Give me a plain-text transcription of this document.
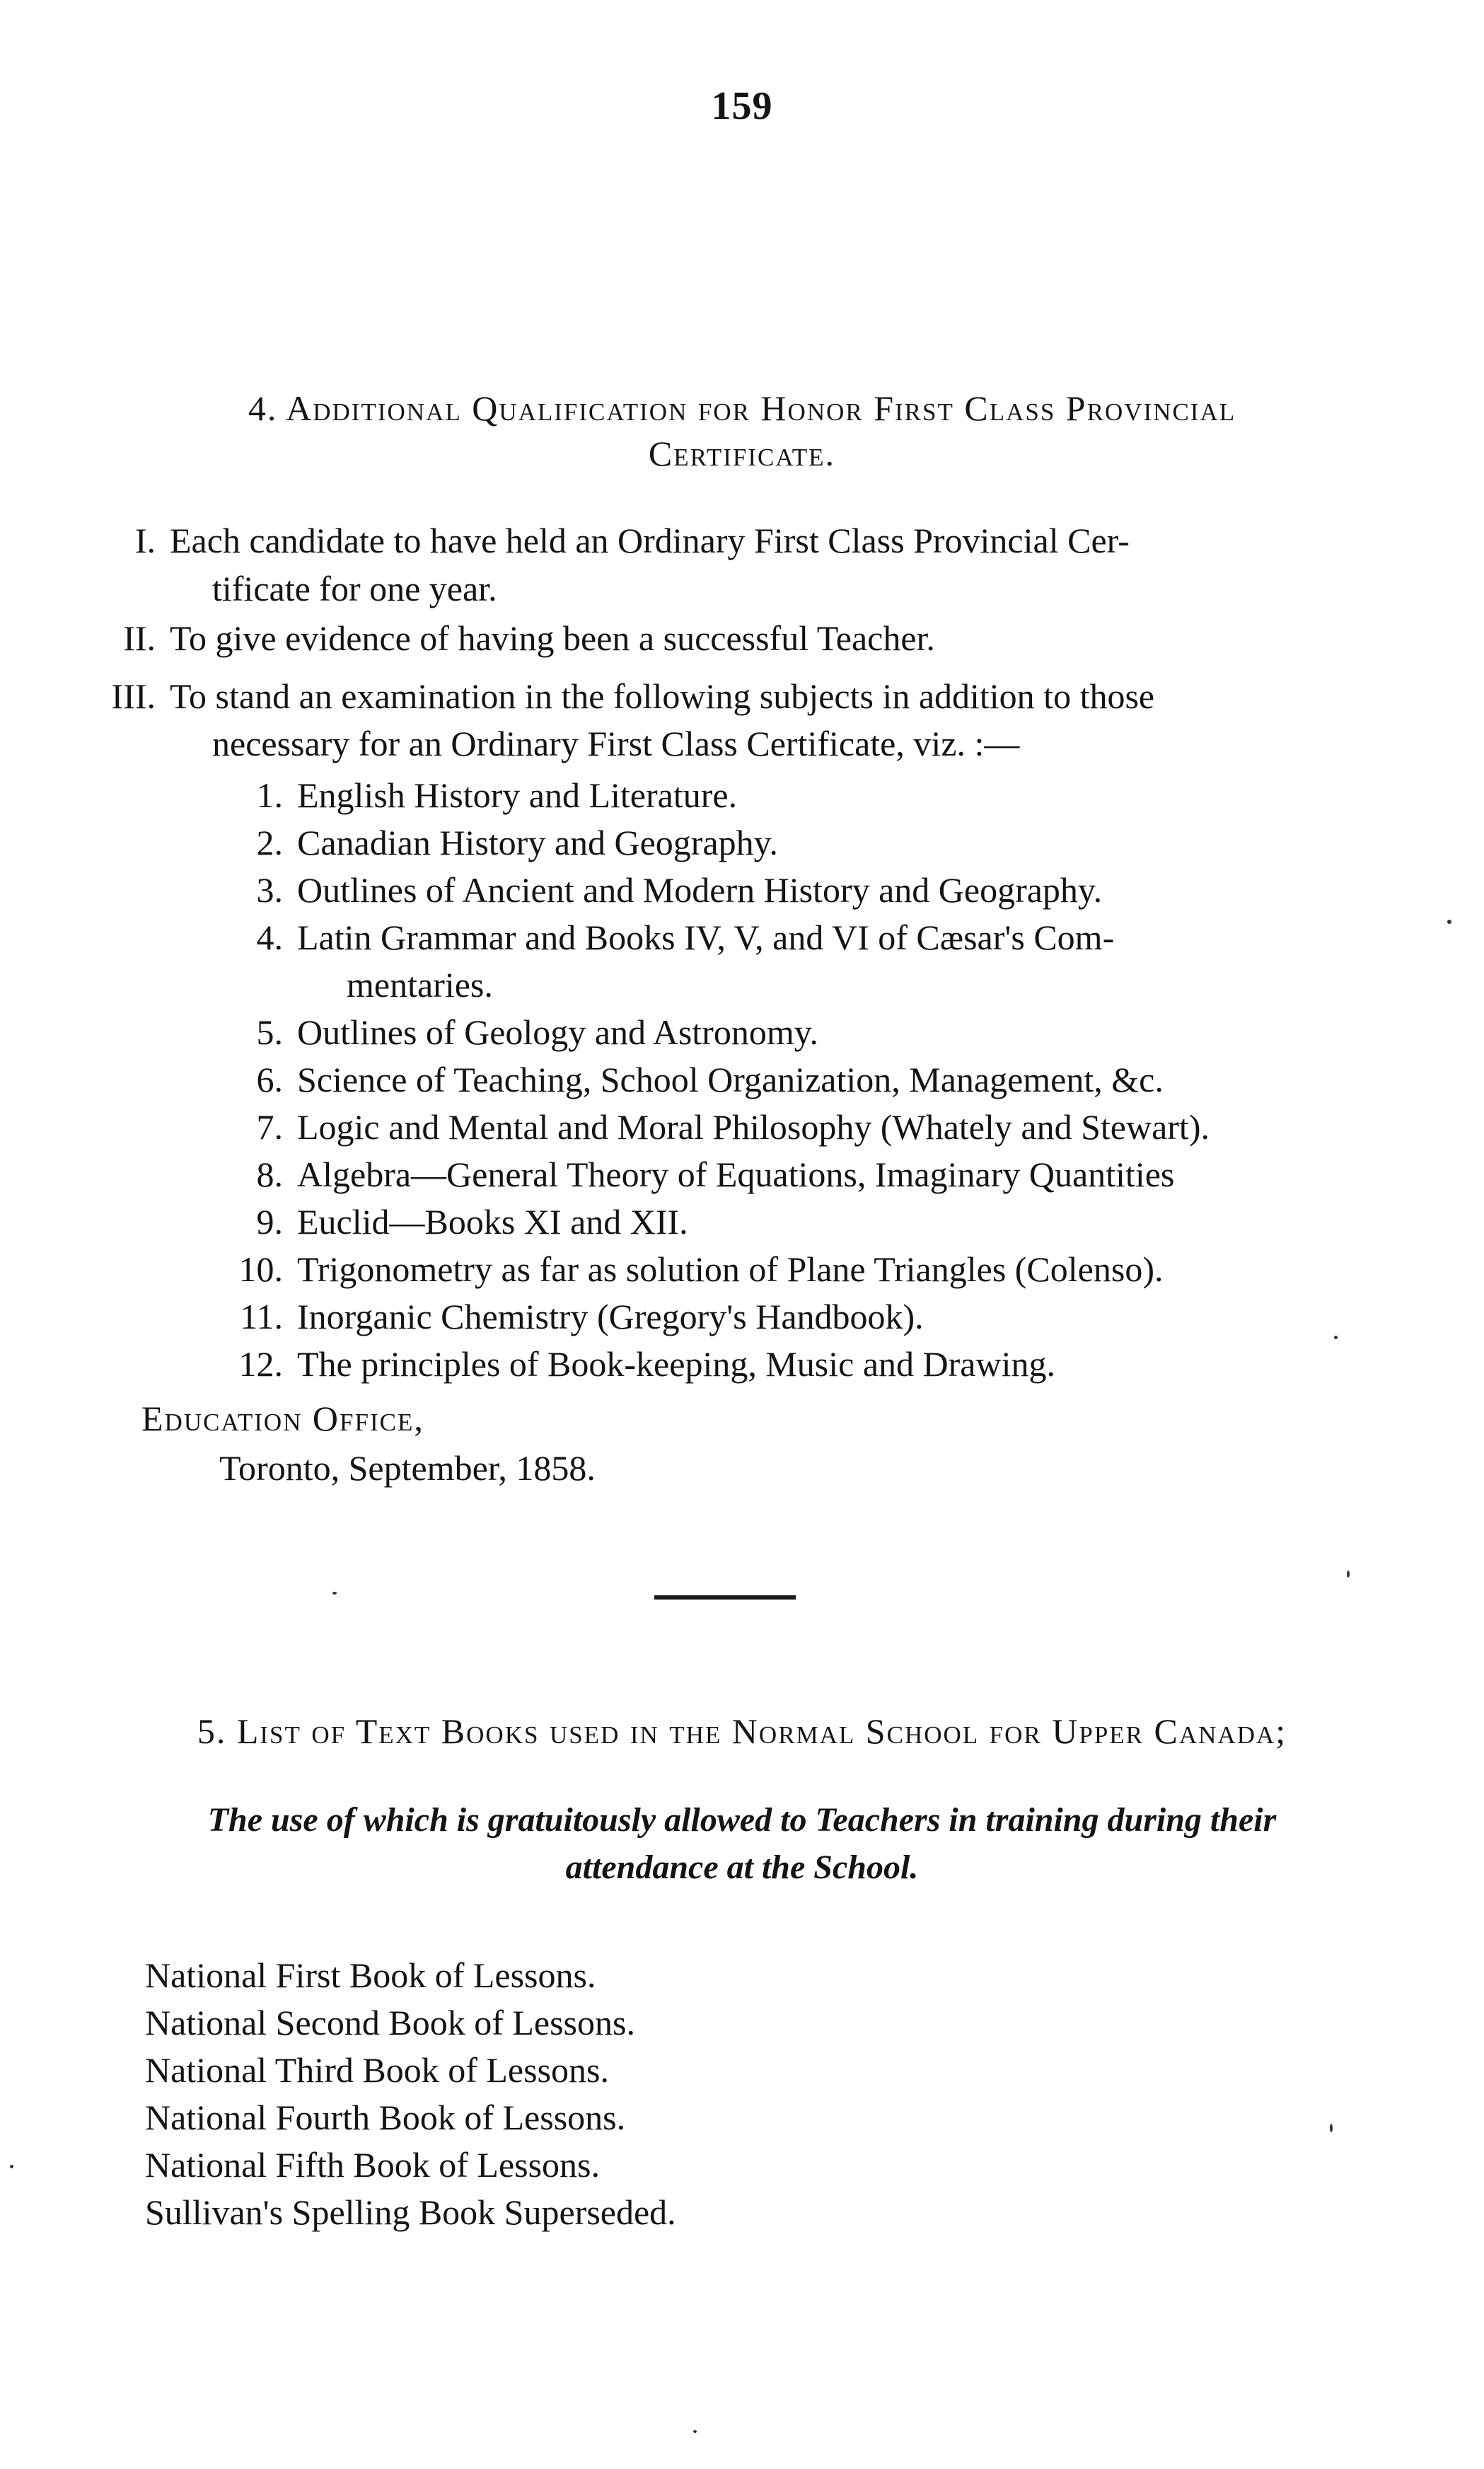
159
4. Additional Qualification for Honor First Class Provincial
Certificate.
I. Each candidate to have held an Ordinary First Class Provincial Cer-
tificate for one year.
II. To give evidence of having been a successful Teacher.
III. To stand an examination in the following subjects in addition to those
necessary for an Ordinary First Class Certificate, viz. :—
1. English History and Literature.
2. Canadian History and Geography.
3. Outlines of Ancient and Modern History and Geography.
4. Latin Grammar and Books IV, V, and VI of Cæsar's Com-
mentaries.
5. Outlines of Geology and Astronomy.
6. Science of Teaching, School Organization, Management, &c.
7. Logic and Mental and Moral Philosophy (Whately and Stewart).
8. Algebra—General Theory of Equations, Imaginary Quantities
9. Euclid—Books XI and XII.
10. Trigonometry as far as solution of Plane Triangles (Colenso).
11. Inorganic Chemistry (Gregory's Handbook).
12. The principles of Book-keeping, Music and Drawing.
Education Office,
Toronto, September, 1858.
5. List of Text Books used in the Normal School for Upper Canada;
The use of which is gratuitously allowed to Teachers in training during their
attendance at the School.
National First Book of Lessons.
National Second Book of Lessons.
National Third Book of Lessons.
National Fourth Book of Lessons.
National Fifth Book of Lessons.
Sullivan's Spelling Book Superseded.
